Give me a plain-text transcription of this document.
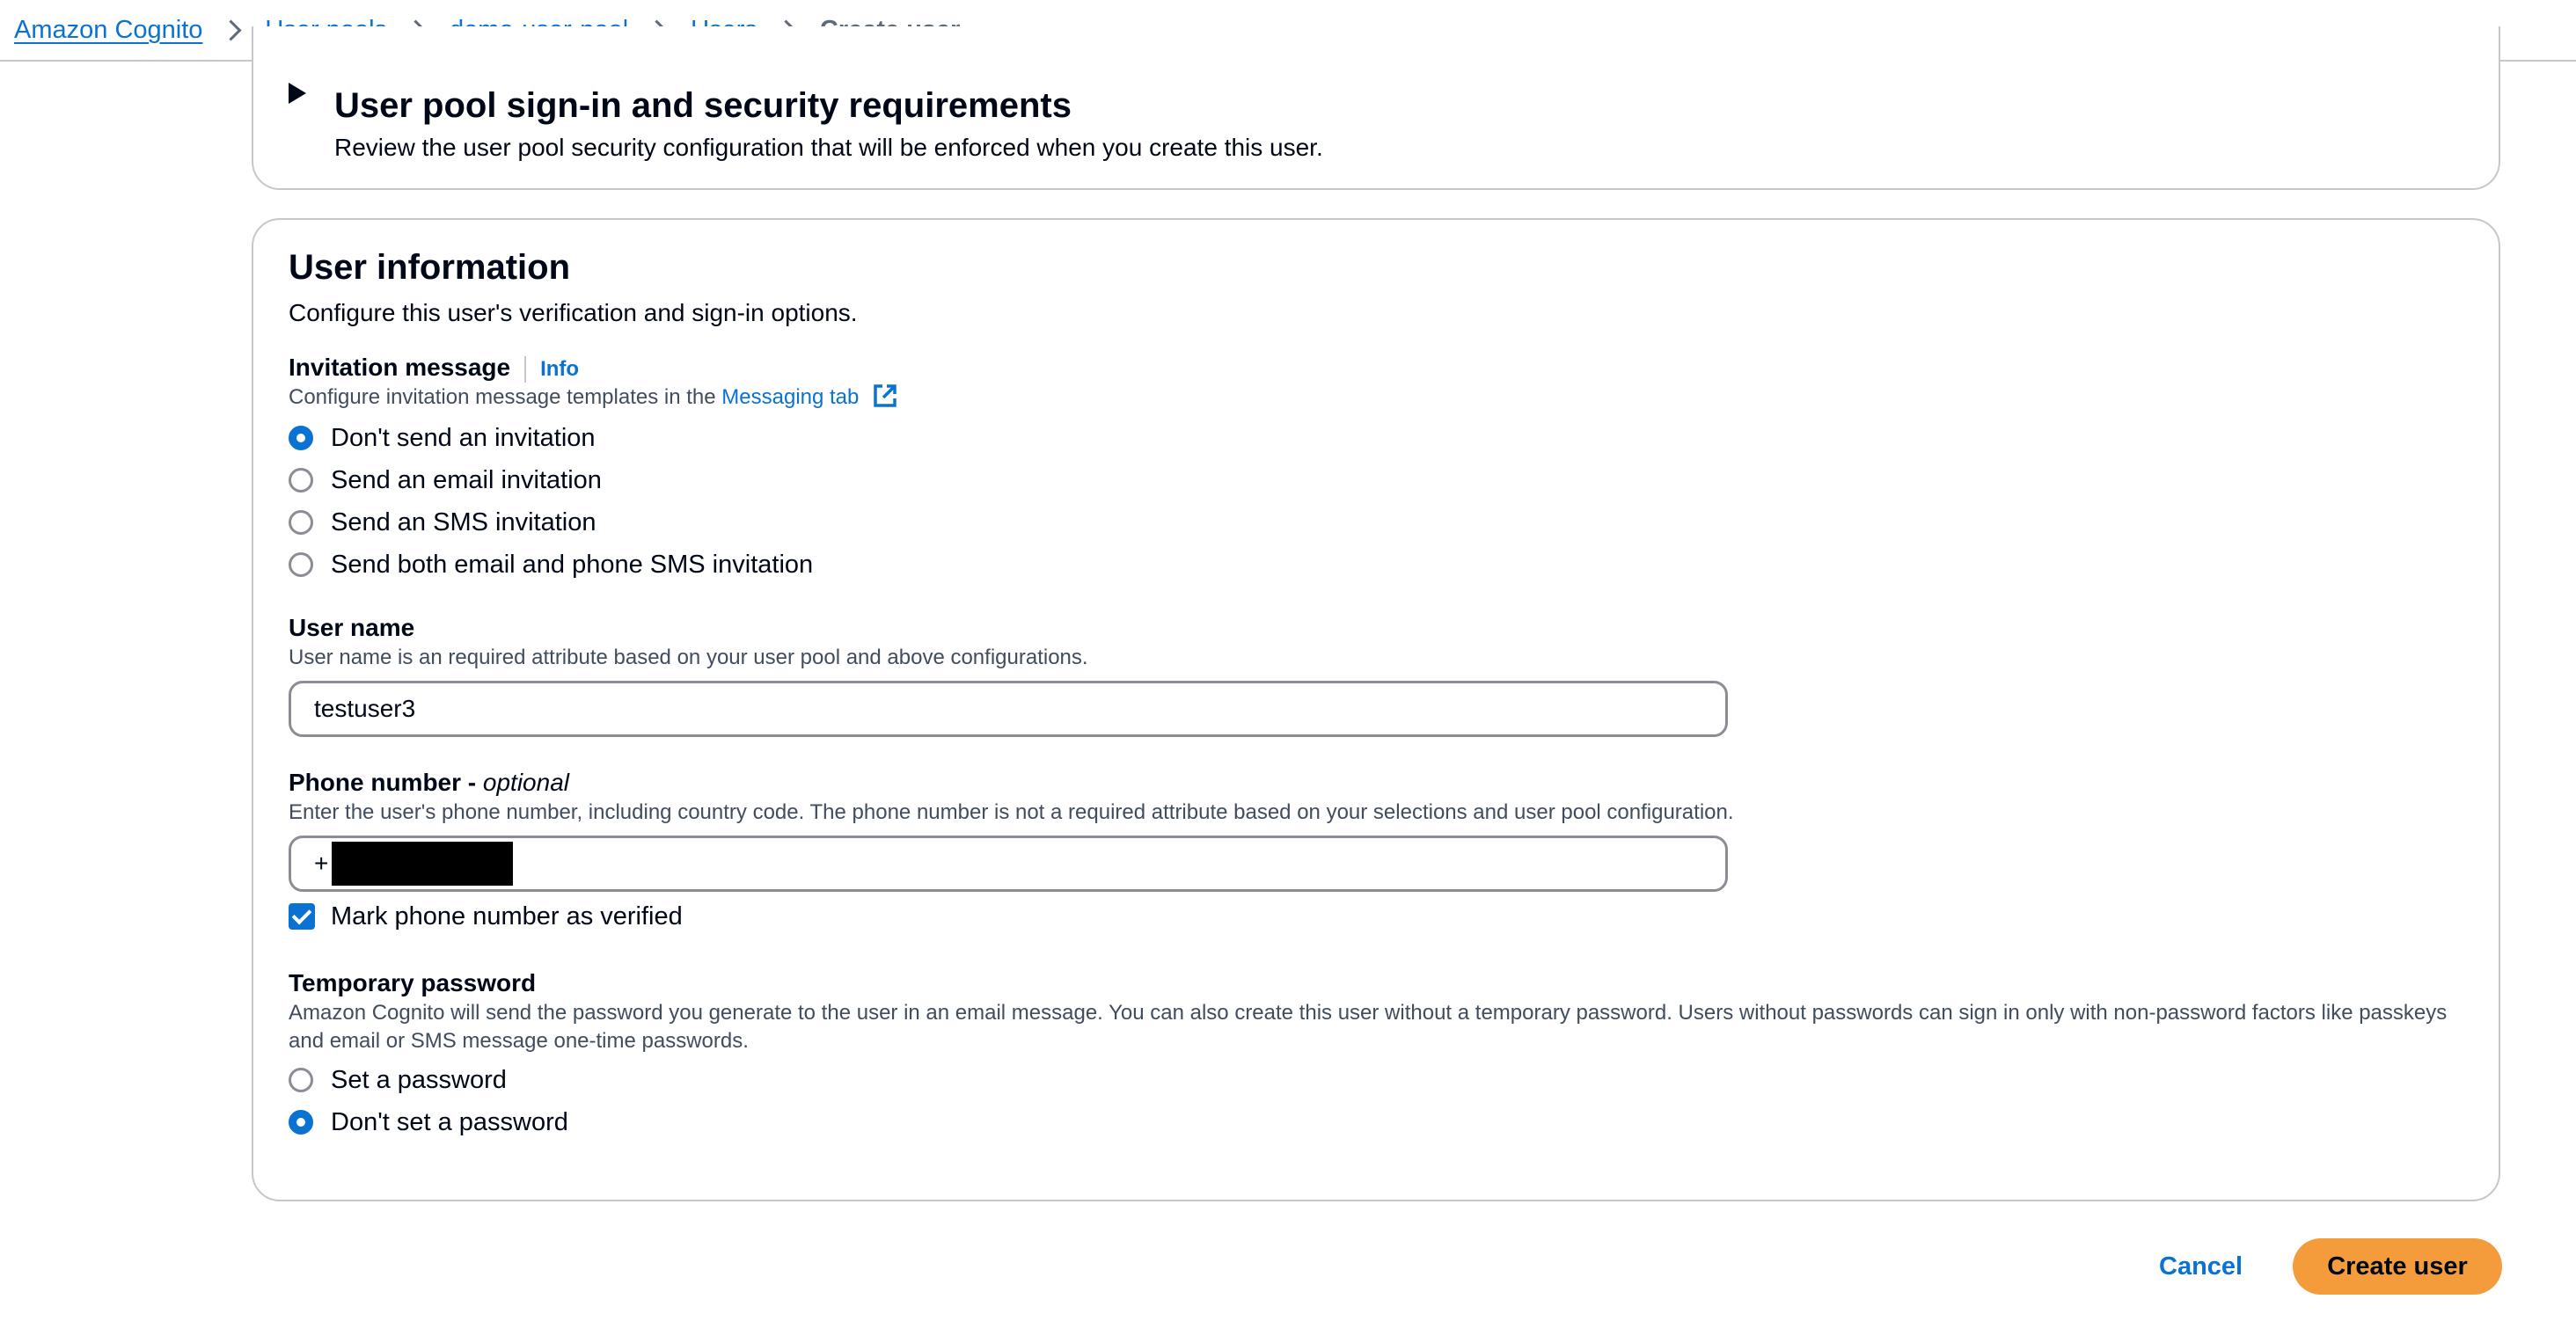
Amazon Cognito
User pool sign-in and security requirements
Review the user pool security configuration that will be enforced when you create this user.
User information
Configure this user's verification and sign-in options.
Invitation message Info
Configure invitation message templates in the Messaging tab
Don't send an invitation
Send an email invitation
Send an SMS invitation
Send both email and phone SMS invitation
User name
User name is an required attribute based on your user pool and above configurations.
testuser3
Phone number - optional
Enter the user's phone number, including country code. The phone number is not a required attribute based on your selections and user pool configuration.
+
Mark phone number as verified
Temporary password
Amazon Cognito will send the password you generate to the user in an email message. You can also create this user without a temporary password. Users without passwords can sign in only with non-password factors like passkeys and email or SMS message one-time passwords.
Set a password
Don't set a password
Cancel	Create user
